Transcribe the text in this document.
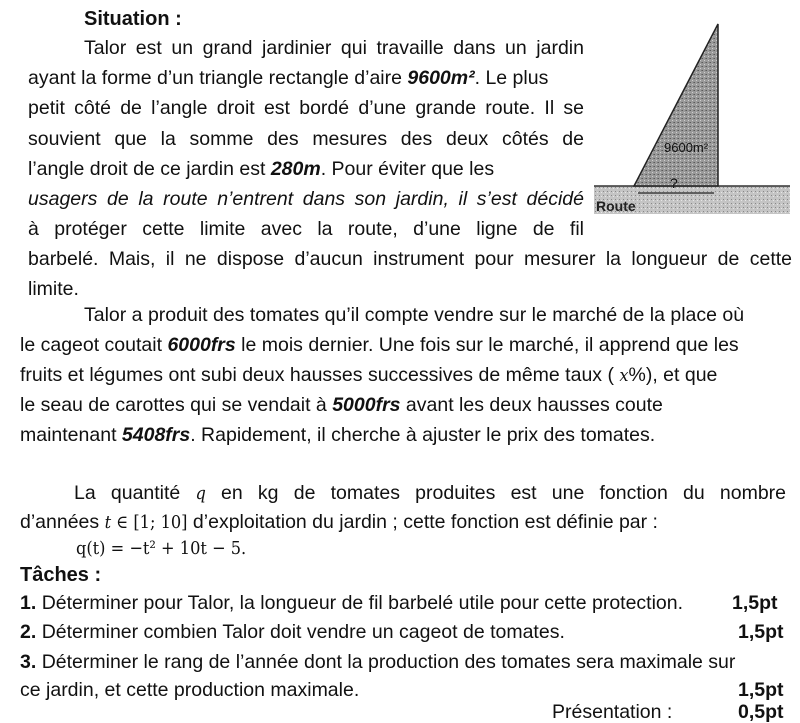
Situation :
Talor est un grand jardinier qui travaille dans un jardin
ayant la forme d’un triangle rectangle d’aire 9600m². Le plus
petit côté de l’angle droit est bordé d’une grande route. Il se
souvient que la somme des mesures des deux côtés de
l’angle droit de ce jardin est 280m. Pour éviter que les
usagers de la route n’entrent dans son jardin, il s’est décidé
à protéger cette limite avec la route, d’une ligne de fil
barbelé. Mais, il ne dispose d’aucun instrument pour mesurer la longueur de cette
limite.
?
9600m²
Route
Talor a produit des tomates qu’il compte vendre sur le marché de la place où
le cageot coutait 6000frs le mois dernier. Une fois sur le marché, il apprend que les
fruits et légumes ont subi deux hausses successives de même taux ( x%), et que
le seau de carottes qui se vendait à 5000frs avant les deux hausses coute
maintenant 5408frs. Rapidement, il cherche à ajuster le prix des tomates.
La quantité q en kg de tomates produites est une fonction du nombre
d’années t ∈ [1; 10] d’exploitation du jardin ; cette fonction est définie par :
q(t) = −t² + 10t − 5.
Tâches :
1. Déterminer pour Talor, la longueur de fil barbelé utile pour cette protection.	1,5pt
2. Déterminer combien Talor doit vendre un cageot de tomates.	1,5pt
3. Déterminer le rang de l’année dont la production des tomates sera maximale sur
ce jardin, et cette production maximale.	1,5pt
Présentation :	0,5pt
